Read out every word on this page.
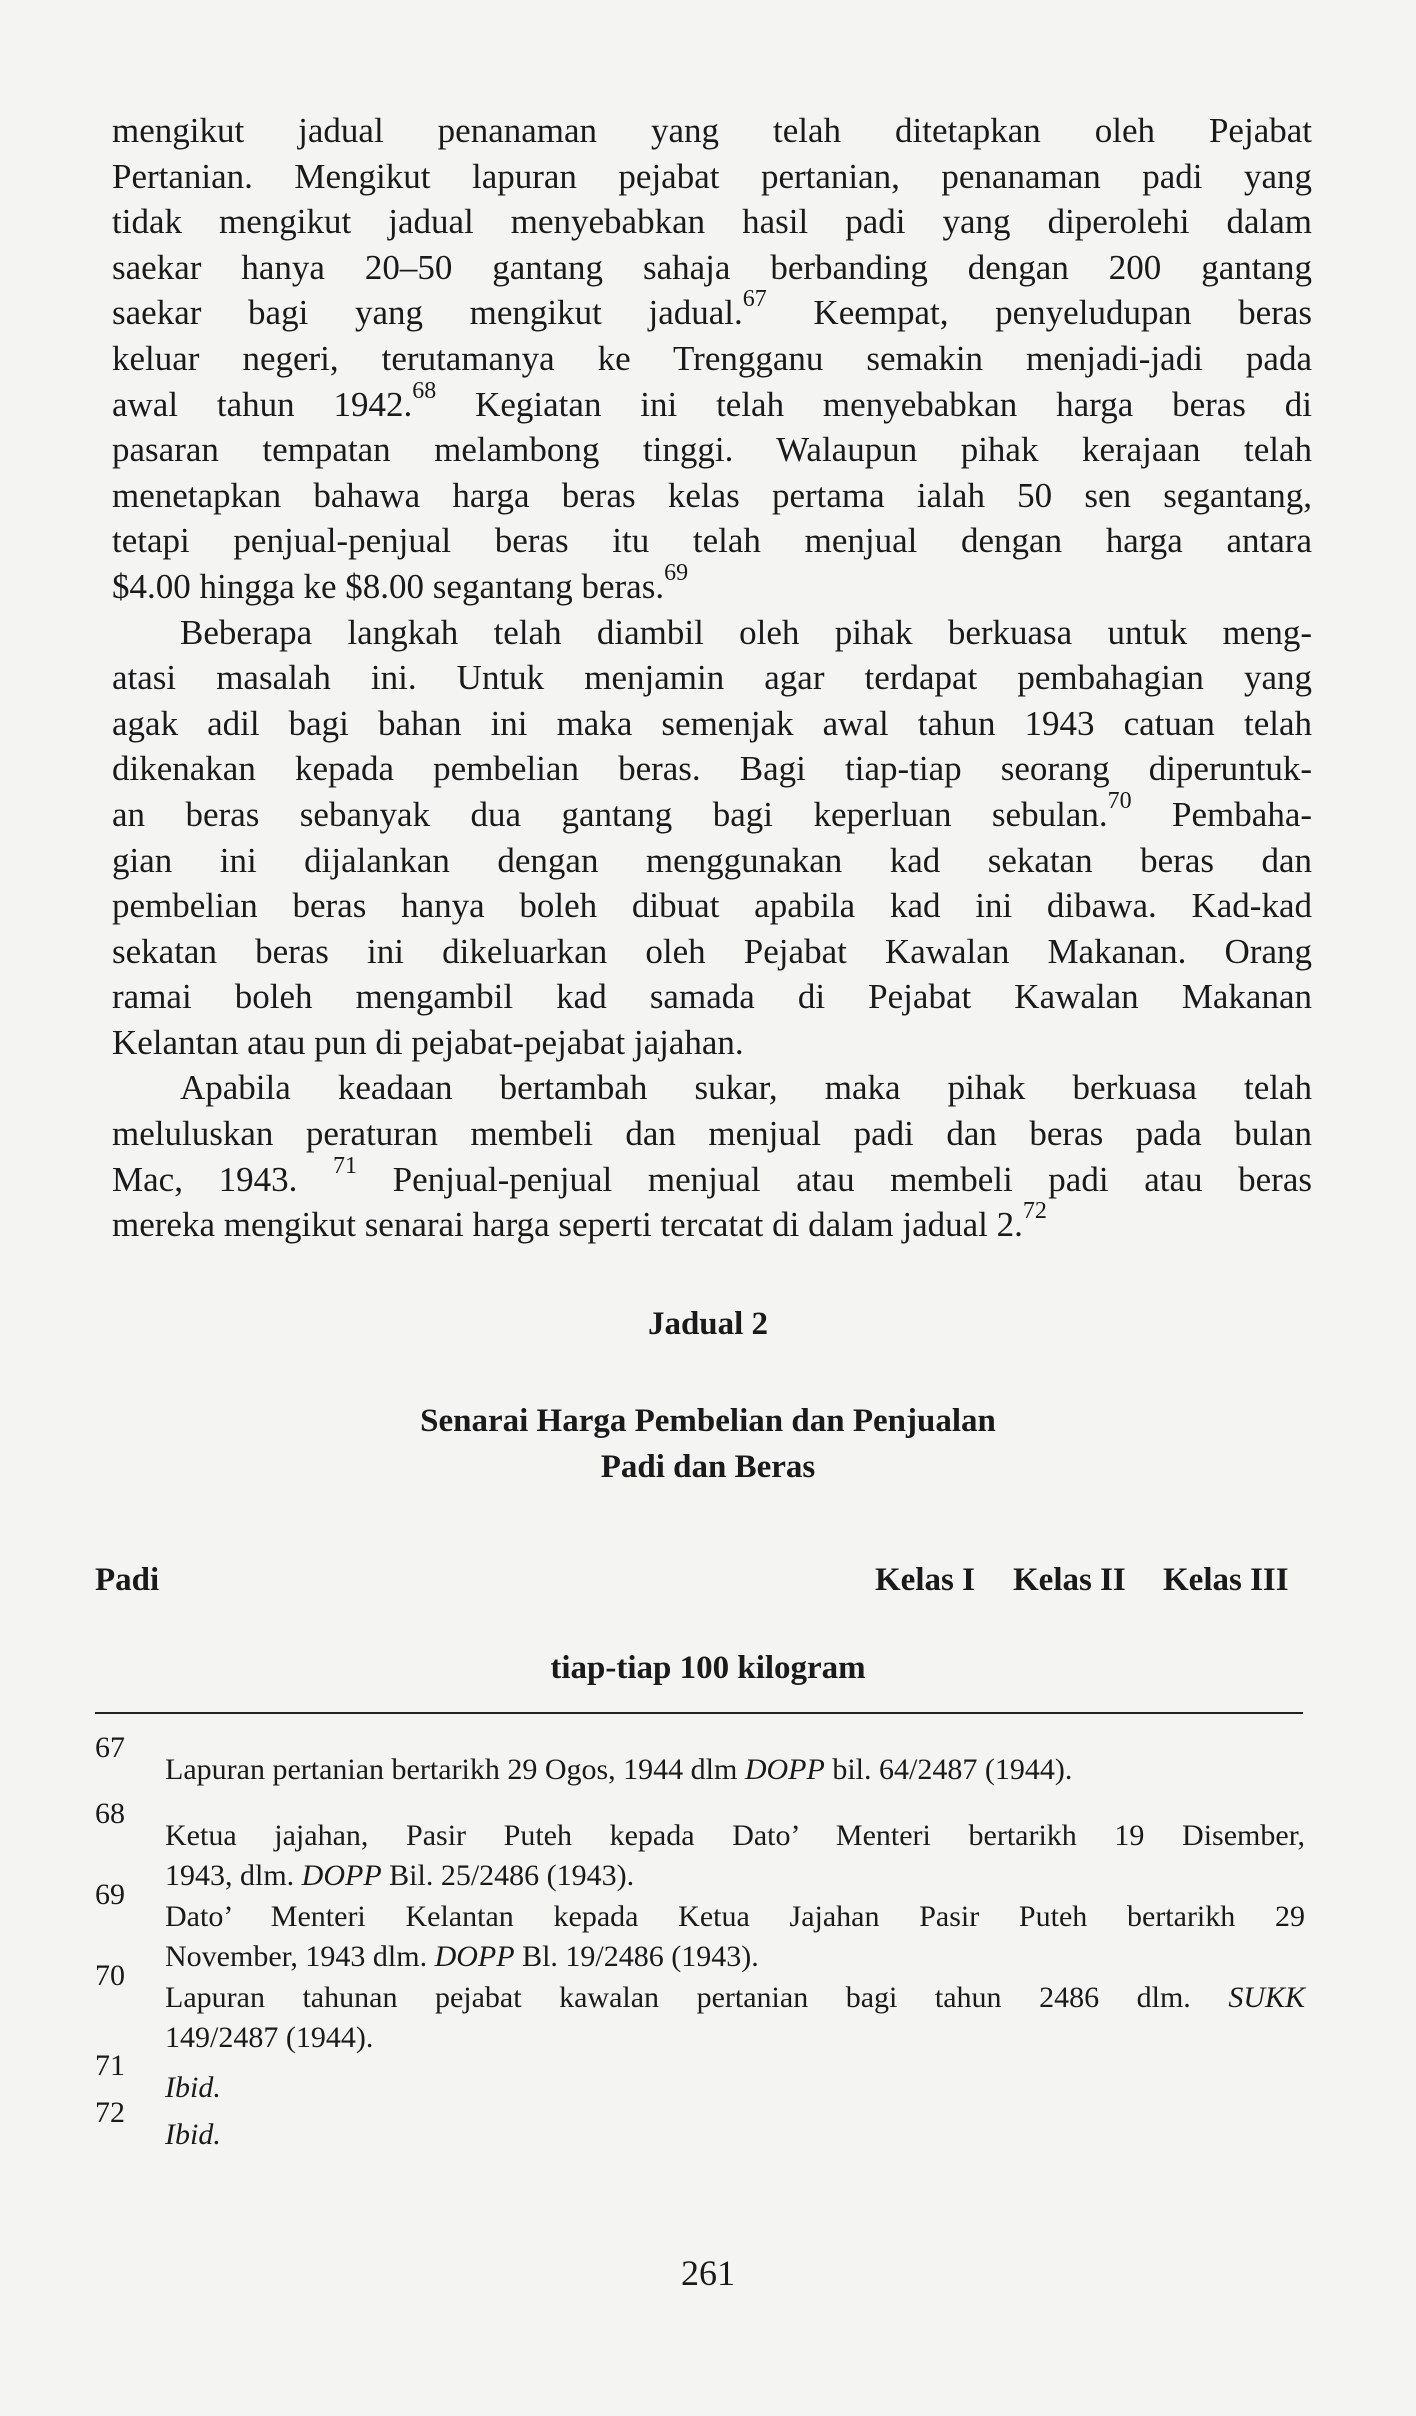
mengikut jadual penanaman yang telah ditetapkan oleh Pejabat
Pertanian. Mengikut lapuran pejabat pertanian, penanaman padi yang
tidak mengikut jadual menyebabkan hasil padi yang diperolehi dalam
saekar hanya 20–50 gantang sahaja berbanding dengan 200 gantang
saekar bagi yang mengikut jadual.$^{67}$ Keempat, penyeludupan beras
keluar negeri, terutamanya ke Trengganu semakin menjadi-jadi pada
awal tahun 1942.68 Kegiatan ini telah menyebabkan harga beras di
pasaran tempatan melambong tinggi. Walaupun pihak kerajaan telah
menetapkan bahawa harga beras kelas pertama ialah 50 sen segantang,
tetapi penjual-penjual beras itu telah menjual dengan harga antara
$4.00 hingga ke $8.00 segantang beras.$^{69}$
Beberapa langkah telah diambil oleh pihak berkuasa untuk meng-
atasi masalah ini. Untuk menjamin agar terdapat pembahagian yang
agak adil bagi bahan ini maka semenjak awal tahun 1943 catuan telah
dikenakan kepada pembelian beras. Bagi tiap-tiap seorang diperuntuk-
an beras sebanyak dua gantang bagi keperluan sebulan.$^{70}$ Pembaha-
gian ini dijalankan dengan menggunakan kad sekatan beras dan
pembelian beras hanya boleh dibuat apabila kad ini dibawa. Kad-kad
sekatan beras ini dikeluarkan oleh Pejabat Kawalan Makanan. Orang
ramai boleh mengambil kad samada di Pejabat Kawalan Makanan
Kelantan atau pun di pejabat-pejabat jajahan.
Apabila keadaan bertambah sukar, maka pihak berkuasa telah
meluluskan peraturan membeli dan menjual padi dan beras pada bulan
Mac, 1943. $^{71}$ Penjual-penjual menjual atau membeli padi atau beras
mereka mengikut senarai harga seperti tercatat di dalam jadual 2.72
Jadual 2
Senarai Harga Pembelian dan Penjualan
Padi dan Beras
Padi	Kelas I Kelas II Kelas III
tiap-tiap 100 kilogram
67
Lapuran pertanian bertarikh 29 Ogos, 1944 dlm DOPP bil. 64/2487 (1944).
68
Ketua jajahan, Pasir Puteh kepada Dato’ Menteri bertarikh 19 Disember,
1943, dlm. DOPP Bil. 25/2486 (1943).
69
Dato’ Menteri Kelantan kepada Ketua Jajahan Pasir Puteh bertarikh 29
November, 1943 dlm. DOPP Bl. 19/2486 (1943).
70
Lapuran tahunan pejabat kawalan pertanian bagi tahun 2486 dlm. SUKK
149/2487 (1944).
71
Ibid.
72
Ibid.
261
